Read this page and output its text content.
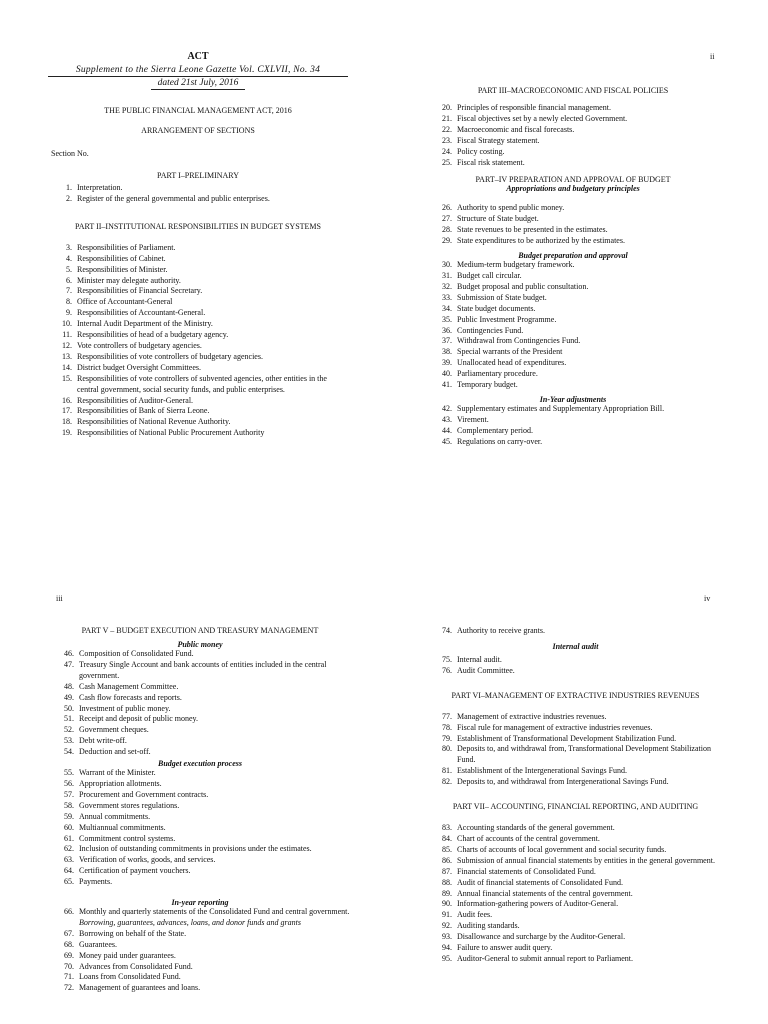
ACT
Supplement to the Sierra Leone Gazette Vol. CXLVII, No. 34
dated 21st July, 2016
THE PUBLIC FINANCIAL MANAGEMENT ACT, 2016
ARRANGEMENT OF SECTIONS
Section No.
PART I–PRELIMINARY
1. Interpretation.
2. Register of the general governmental and public enterprises.
PART II–INSTITUTIONAL RESPONSIBILITIES IN BUDGET SYSTEMS
3. Responsibilities of Parliament.
4. Responsibilities of Cabinet.
5. Responsibilities of Minister.
6. Minister may delegate authority.
7. Responsibilities of Financial Secretary.
8. Office of Accountant-General
9. Responsibilities of Accountant-General.
10. Internal Audit Department of the Ministry.
11. Responsibilities of head of a budgetary agency.
12. Vote controllers of budgetary agencies.
13. Responsibilities of vote controllers of budgetary agencies.
14. District budget Oversight Committees.
15. Responsibilities of vote controllers of subvented agencies, other entities in the central government, social security funds, and public enterprises.
16. Responsibilities of Auditor-General.
17. Responsibilities of Bank of Sierra Leone.
18. Responsibilities of National Revenue Authority.
19. Responsibilities of National Public Procurement Authority
ii
PART III–MACROECONOMIC AND FISCAL POLICIES
20. Principles of responsible financial management.
21. Fiscal objectives set by a newly elected Government.
22. Macroeconomic and fiscal forecasts.
23. Fiscal Strategy statement.
24. Policy costing.
25. Fiscal risk statement.
PART–IV PREPARATION AND APPROVAL OF BUDGET
Appropriations and budgetary principles
26. Authority to spend public money.
27. Structure of State budget.
28. State revenues to be presented in the estimates.
29. State expenditures to be authorized by the estimates.
Budget preparation and approval
30. Medium-term budgetary framework.
31. Budget call circular.
32. Budget proposal and public consultation.
33. Submission of State budget.
34. State budget documents.
35. Public Investment Programme.
36. Contingencies Fund.
37. Withdrawal from Contingencies Fund.
38. Special warrants of the President
39. Unallocated head of expenditures.
40. Parliamentary procedure.
41. Temporary budget.
In-Year adjustments
42. Supplementary estimates and Supplementary Appropriation Bill.
43. Virement.
44. Complementary period.
45. Regulations on carry-over.
iii
PART V – BUDGET EXECUTION AND TREASURY MANAGEMENT
Public money
46. Composition of Consolidated Fund.
47. Treasury Single Account and bank accounts of entities included in the central government.
48. Cash Management Committee.
49. Cash flow forecasts and reports.
50. Investment of public money.
51. Receipt and deposit of public money.
52. Government cheques.
53. Debt write-off.
54. Deduction and set-off.
Budget execution process
55. Warrant of the Minister.
56. Appropriation allotments.
57. Procurement and Government contracts.
58. Government stores regulations.
59. Annual commitments.
60. Multiannual commitments.
61. Commitment control systems.
62. Inclusion of outstanding commitments in provisions under the estimates.
63. Verification of works, goods, and services.
64. Certification of payment vouchers.
65. Payments.
In-year reporting
66. Monthly and quarterly statements of the Consolidated Fund and central government.
Borrowing, guarantees, advances, loans, and donor funds and grants
67. Borrowing on behalf of the State.
68. Guarantees.
69. Money paid under guarantees.
70. Advances from Consolidated Fund.
71. Loans from Consolidated Fund.
72. Management of guarantees and loans.
iv
74. Authority to receive grants.
Internal audit
75. Internal audit.
76. Audit Committee.
PART VI–MANAGEMENT OF EXTRACTIVE INDUSTRIES REVENUES
77. Management of extractive industries revenues.
78. Fiscal rule for management of extractive industries revenues.
79. Establishment of Transformational Development Stabilization Fund.
80. Deposits to, and withdrawal from, Transformational Development Stabilization Fund.
81. Establishment of the Intergenerational Savings Fund.
82. Deposits to, and withdrawal from Intergenerational Savings Fund.
PART VII– ACCOUNTING, FINANCIAL REPORTING, AND AUDITING
83. Accounting standards of the general government.
84. Chart of accounts of the central government.
85. Charts of accounts of local government and social security funds.
86. Submission of annual financial statements by entities in the general government.
87. Financial statements of Consolidated Fund.
88. Audit of financial statements of Consolidated Fund.
89. Annual financial statements of the central government.
90. Information-gathering powers of Auditor-General.
91. Audit fees.
92. Auditing standards.
93. Disallowance and surcharge by the Auditor-General.
94. Failure to answer audit query.
95. Auditor-General to submit annual report to Parliament.
